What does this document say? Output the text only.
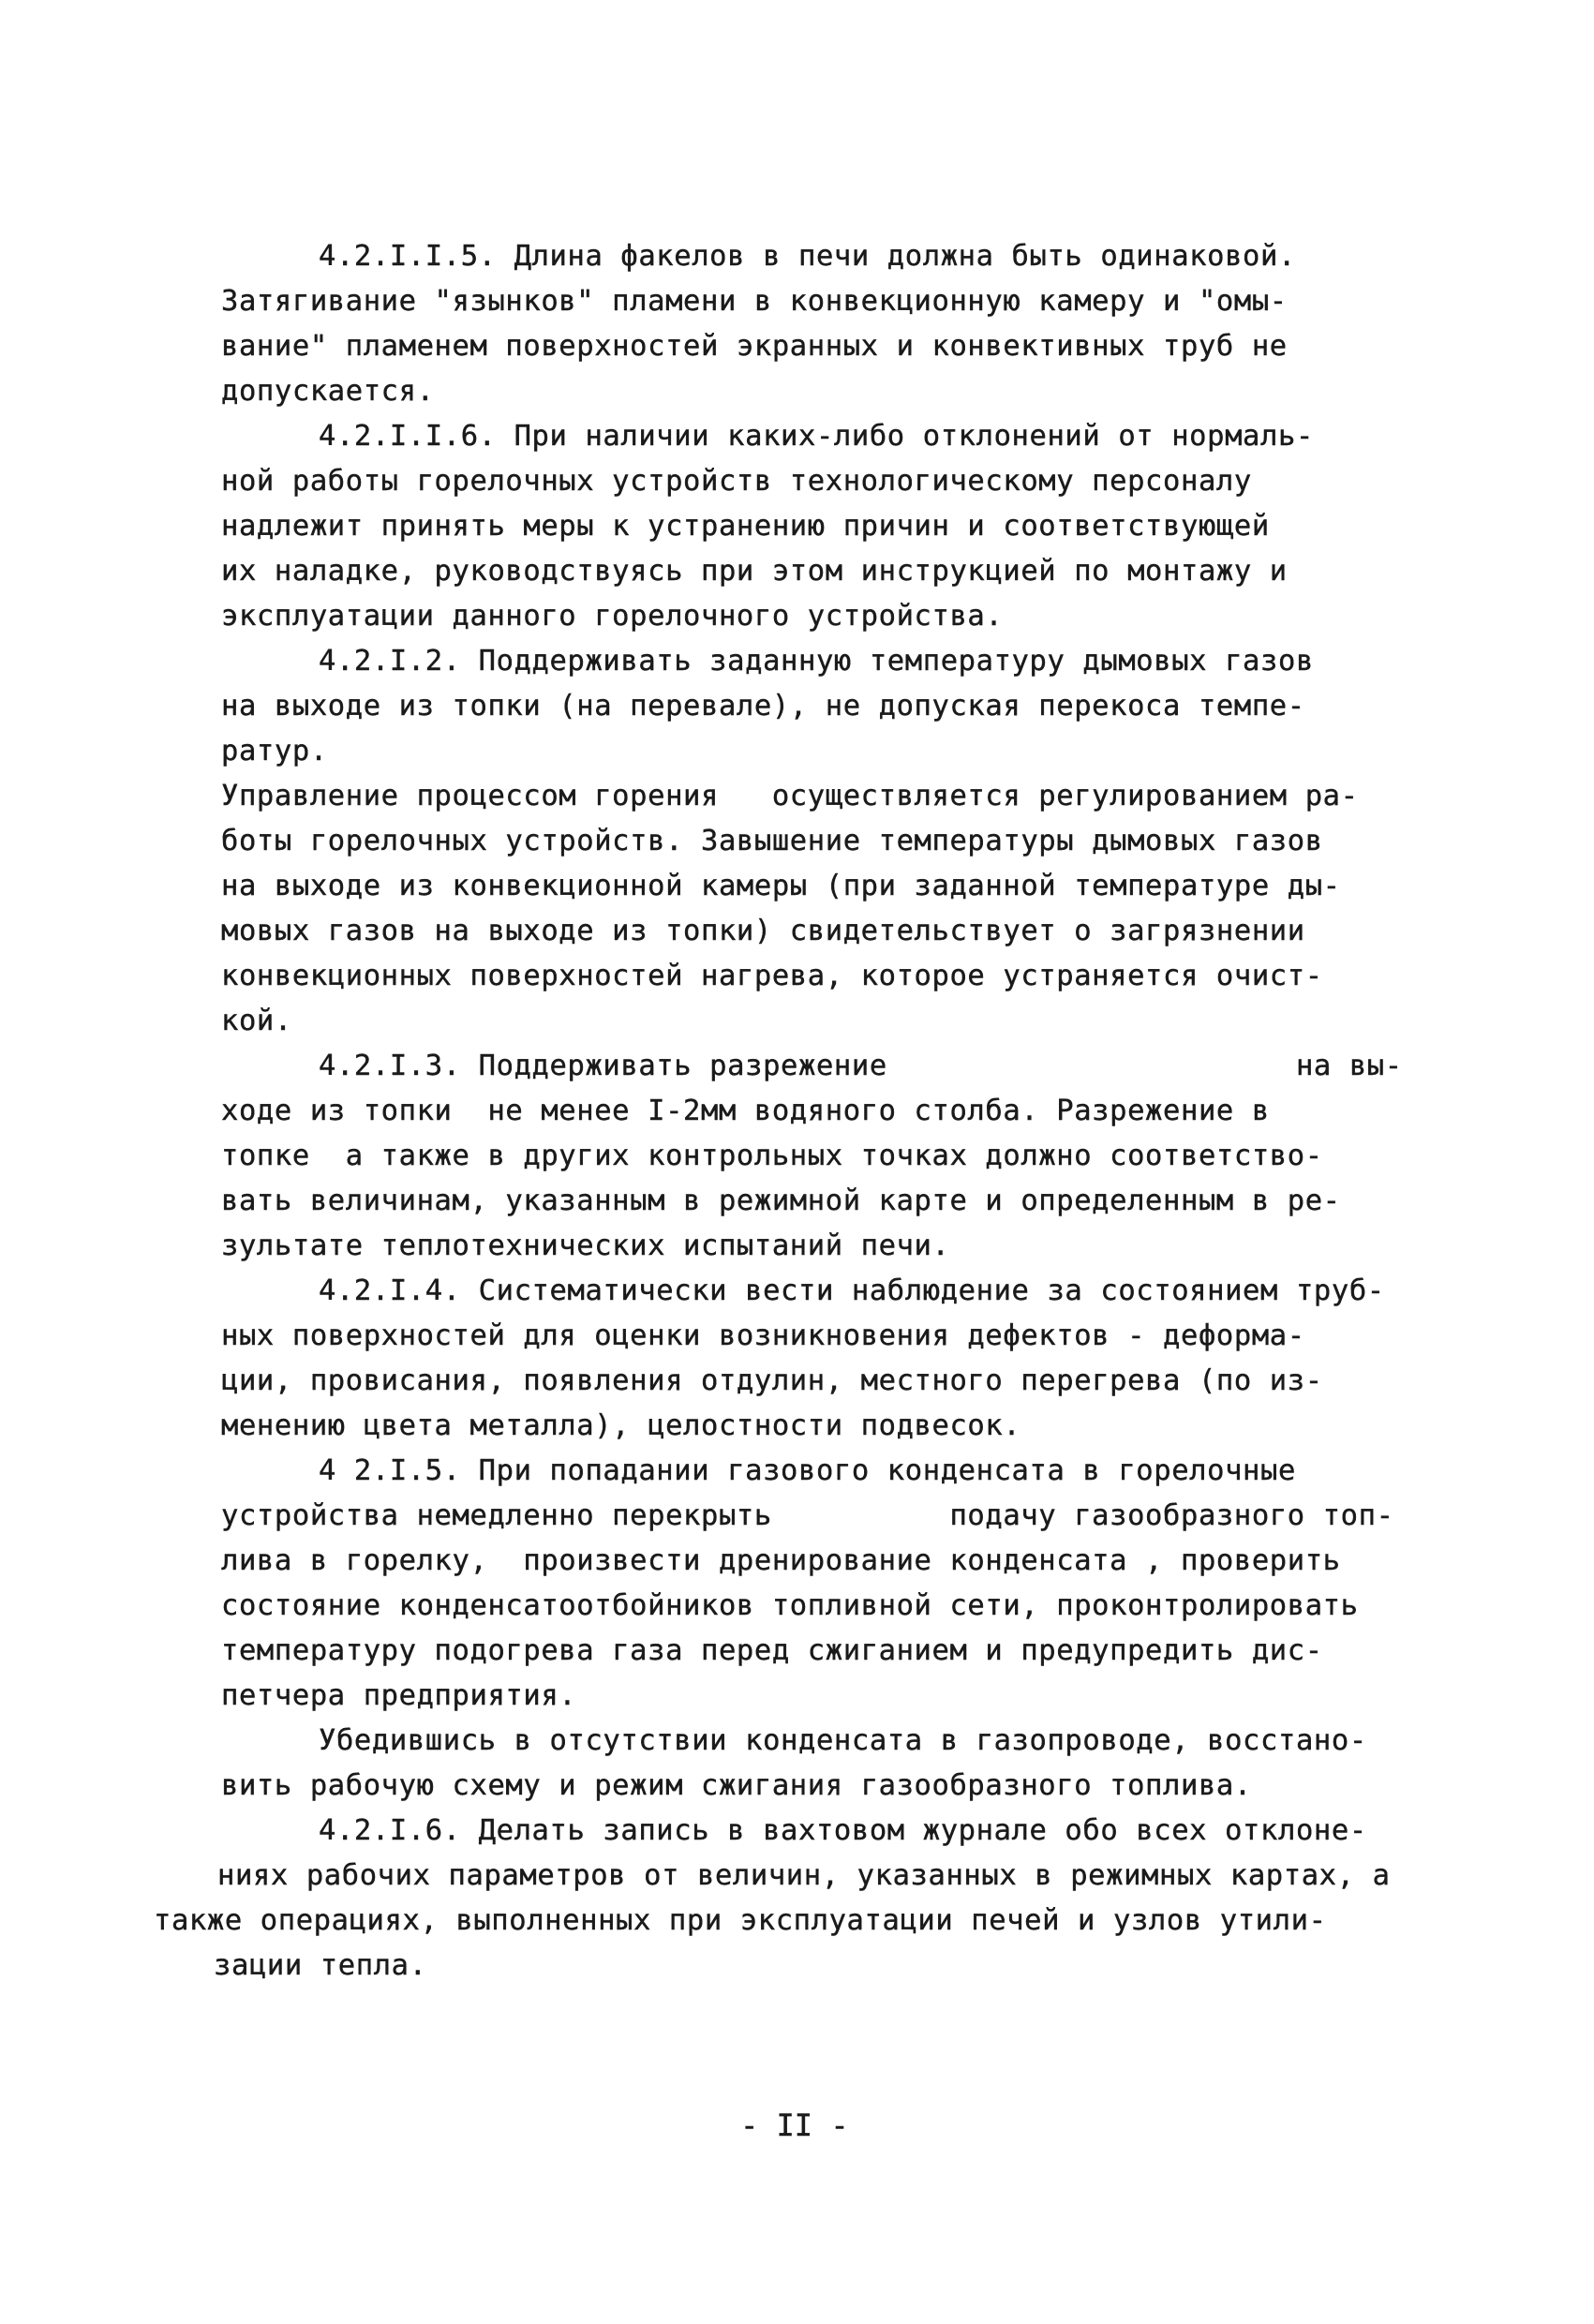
4.2.I.I.5. Длина факелов в печи должна быть одинаковой.
Затягивание "язынков" пламени в конвекционную камеру и "омы-
вание" пламенем поверхностей экранных и конвективных труб не
допускается.
4.2.I.I.6. При наличии каких-либо отклонений от нормаль-
ной работы горелочных устройств технологическому персоналу
надлежит принять меры к устранению причин и соответствующей
их наладке, руководствуясь при этом инструкцией по монтажу и
эксплуатации данного горелочного устройства.
4.2.I.2. Поддерживать заданную температуру дымовых газов
на выходе из топки (на перевале), не допуская перекоса темпе-
ратур.
Управление процессом горения   осуществляется регулированием ра-
боты горелочных устройств. Завышение температуры дымовых газов
на выходе из конвекционной камеры (при заданной температуре ды-
мовых газов на выходе из топки) свидетельствует о загрязнении
конвекционных поверхностей нагрева, которое устраняется очист-
кой.
4.2.I.3. Поддерживать разрежение                       на вы-
ходе из топки  не менее I-2мм водяного столба. Разрежение в
топке  а также в других контрольных точках должно соответство-
вать величинам, указанным в режимной карте и определенным в ре-
зультате теплотехнических испытаний печи.
4.2.I.4. Систематически вести наблюдение за состоянием труб-
ных поверхностей для оценки возникновения дефектов - деформа-
ции, провисания, появления отдулин, местного перегрева (по из-
менению цвета металла), целостности подвесок.
4 2.I.5. При попадании газового конденсата в горелочные
устройства немедленно перекрыть          подачу газообразного топ-
лива в горелку,  произвести дренирование конденсата , проверить
состояние конденсатоотбойников топливной сети, проконтролировать
температуру подогрева газа перед сжиганием и предупредить дис-
петчера предприятия.
Убедившись в отсутствии конденсата в газопроводе, восстано-
вить рабочую схему и режим сжигания газообразного топлива.
4.2.I.6. Делать запись в вахтовом журнале обо всех отклоне-
ниях рабочих параметров от величин, указанных в режимных картах, а
также операциях, выполненных при эксплуатации печей и узлов утили-
зации тепла.
- II -
